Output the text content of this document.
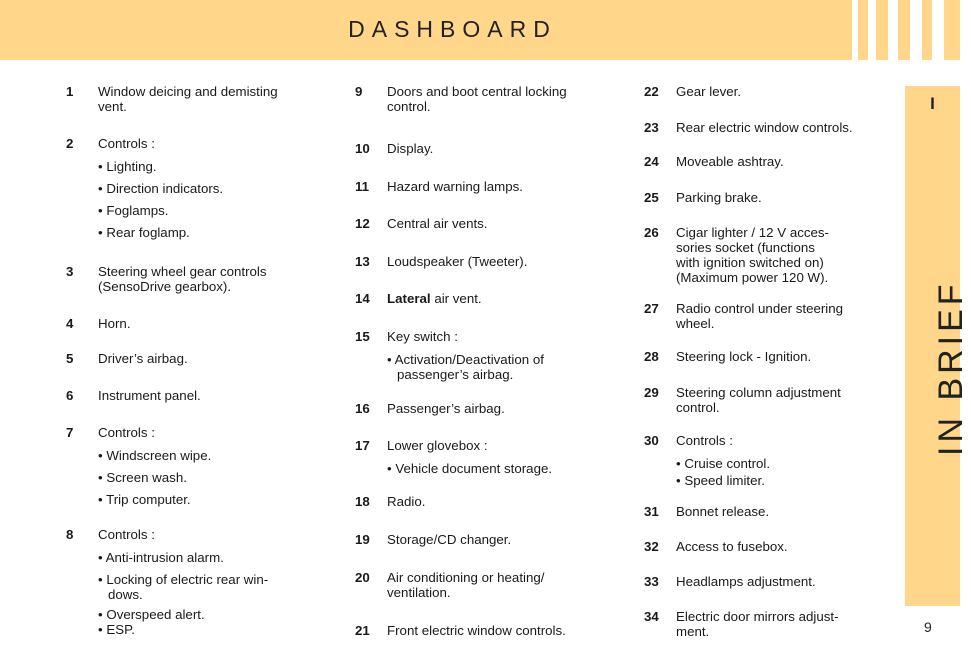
DASHBOARD
I
IN BRIEF
1 Window deicing and demisting
vent.
2 Controls :
• Lighting.
• Direction indicators.
• Foglamps.
• Rear foglamp.
3 Steering wheel gear controls
(SensoDrive gearbox).
4 Horn.
5 Driver’s airbag.
6 Instrument panel.
7 Controls :
• Windscreen wipe.
• Screen wash.
• Trip computer.
8 Controls :
• Anti-intrusion alarm.
• Locking of electric rear win-
dows.
• Overspeed alert.
• ESP.
9 Doors and boot central locking
control.
10 Display.
11 Hazard warning lamps.
12 Central air vents.
13 Loudspeaker (Tweeter).
14 Lateral air vent.
15 Key switch :
• Activation/Deactivation of
passenger’s airbag.
16 Passenger’s airbag.
17 Lower glovebox :
• Vehicle document storage.
18 Radio.
19 Storage/CD changer.
20 Air conditioning or heating/
ventilation.
21 Front electric window controls.
22 Gear lever.
23 Rear electric window controls.
24 Moveable ashtray.
25 Parking brake.
26 Cigar lighter / 12 V acces-
sories socket (functions
with ignition switched on)
(Maximum power 120 W).
27 Radio control under steering
wheel.
28 Steering lock - Ignition.
29 Steering column adjustment
control.
30 Controls :
• Cruise control.
• Speed limiter.
31 Bonnet release.
32 Access to fusebox.
33 Headlamps adjustment.
34 Electric door mirrors adjust-
ment.	9
